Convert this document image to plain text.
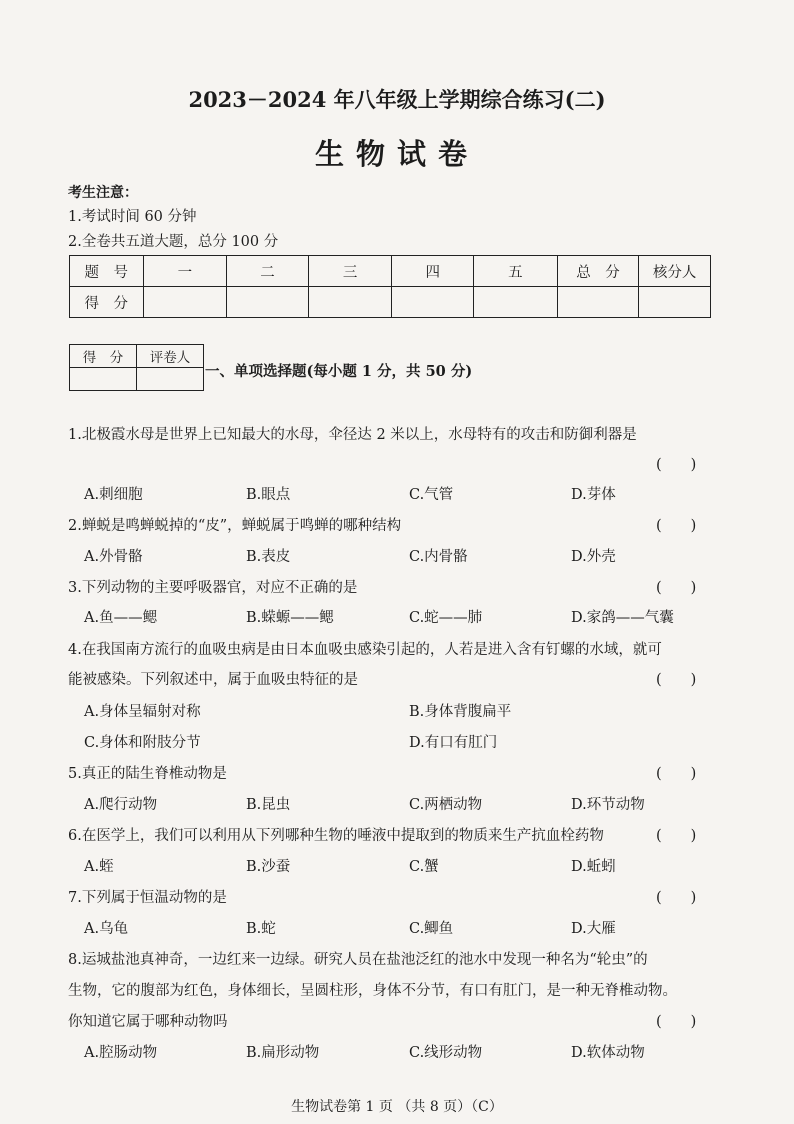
2023－2024 年八年级上学期综合练习(二)
生物试卷
考生注意：
1.考试时间 60 分钟
2.全卷共五道大题，总分 100 分
题　号	一	二	三	四	五	总　分	核分人
得　分							
得　分	评卷人

一、单项选择题(每小题 1 分，共 50 分)
1.北极霞水母是世界上已知最大的水母，伞径达 2 米以上，水母特有的攻击和防御利器是
(　　)
A.刺细胞	B.眼点	C.气管	D.芽体
2.蝉蜕是鸣蝉蜕掉的“皮”，蝉蜕属于鸣蝉的哪种结构	(　　)
A.外骨骼	B.表皮	C.内骨骼	D.外壳
3.下列动物的主要呼吸器官，对应不正确的是	(　　)
A.鱼——鳃	B.蝾螈——鳃	C.蛇——肺	D.家鸽——气囊
4.在我国南方流行的血吸虫病是由日本血吸虫感染引起的，人若是进入含有钉螺的水域，就可
能被感染。下列叙述中，属于血吸虫特征的是	(　　)
A.身体呈辐射对称	B.身体背腹扁平
C.身体和附肢分节	D.有口有肛门
5.真正的陆生脊椎动物是	(　　)
A.爬行动物	B.昆虫	C.两栖动物	D.环节动物
6.在医学上，我们可以利用从下列哪种生物的唾液中提取到的物质来生产抗血栓药物	(　　)
A.蛭	B.沙蚕	C.蟹	D.蚯蚓
7.下列属于恒温动物的是	(　　)
A.乌龟	B.蛇	C.鲫鱼	D.大雁
8.运城盐池真神奇，一边红来一边绿。研究人员在盐池泛红的池水中发现一种名为“轮虫”的
生物，它的腹部为红色，身体细长，呈圆柱形，身体不分节，有口有肛门，是一种无脊椎动物。
你知道它属于哪种动物吗	(　　)
A.腔肠动物	B.扁形动物	C.线形动物	D.软体动物
生物试卷第 1 页 （共 8 页）（C）
